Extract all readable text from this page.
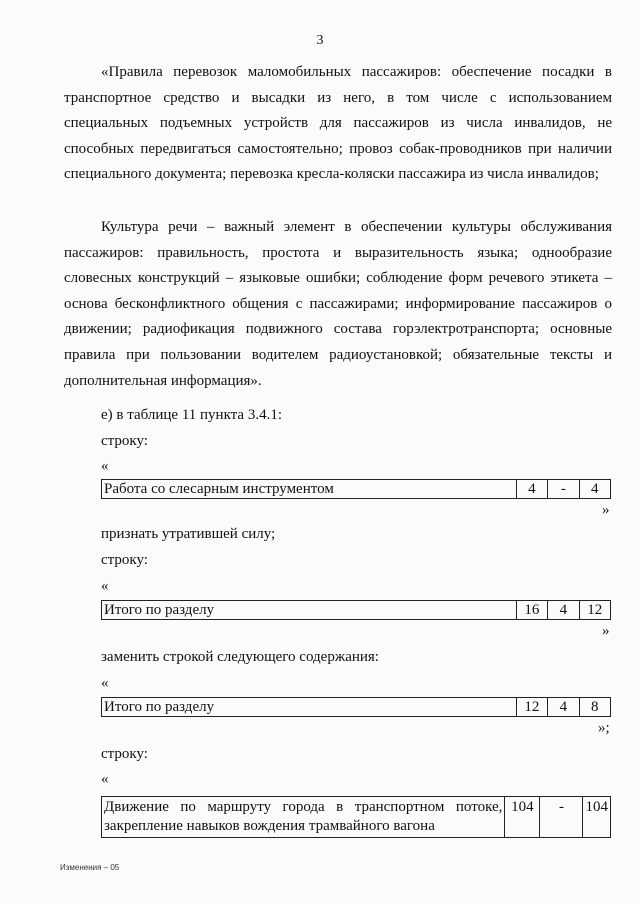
3

«Правила перевозок маломобильных пассажиров: обеспечение посадки в транспортное средство и высадки из него, в том числе с использованием специальных подъемных устройств для пассажиров из числа инвалидов, не способных передвигаться самостоятельно; провоз собак-проводников при наличии специального документа; перевозка кресла-коляски пассажира из числа инвалидов;

Культура речи – важный элемент в обеспечении культуры обслуживания пассажиров: правильность, простота и выразительность языка; однообразие словесных конструкций – языковые ошибки; соблюдение форм речевого этикета – основа бесконфликтного общения с пассажирами; информирование пассажиров о движении; радиофикация подвижного состава горэлектротранспорта; основные правила при пользовании водителем радиоустановкой; обязательные тексты и дополнительная информация».

е) в таблице 11 пункта 3.4.1:
строку:
«
Работа со слесарным инструментом	4	-	4
»
признать утратившей силу;
строку:
«
Итого по разделу	16	4	12
»
заменить строкой следующего содержания:
«
Итого по разделу	12	4	8
»;
строку:
«
Движение по маршруту города в транспортном потоке, закрепление навыков вождения трамвайного вагона	104	-	104
Изменения – 05
